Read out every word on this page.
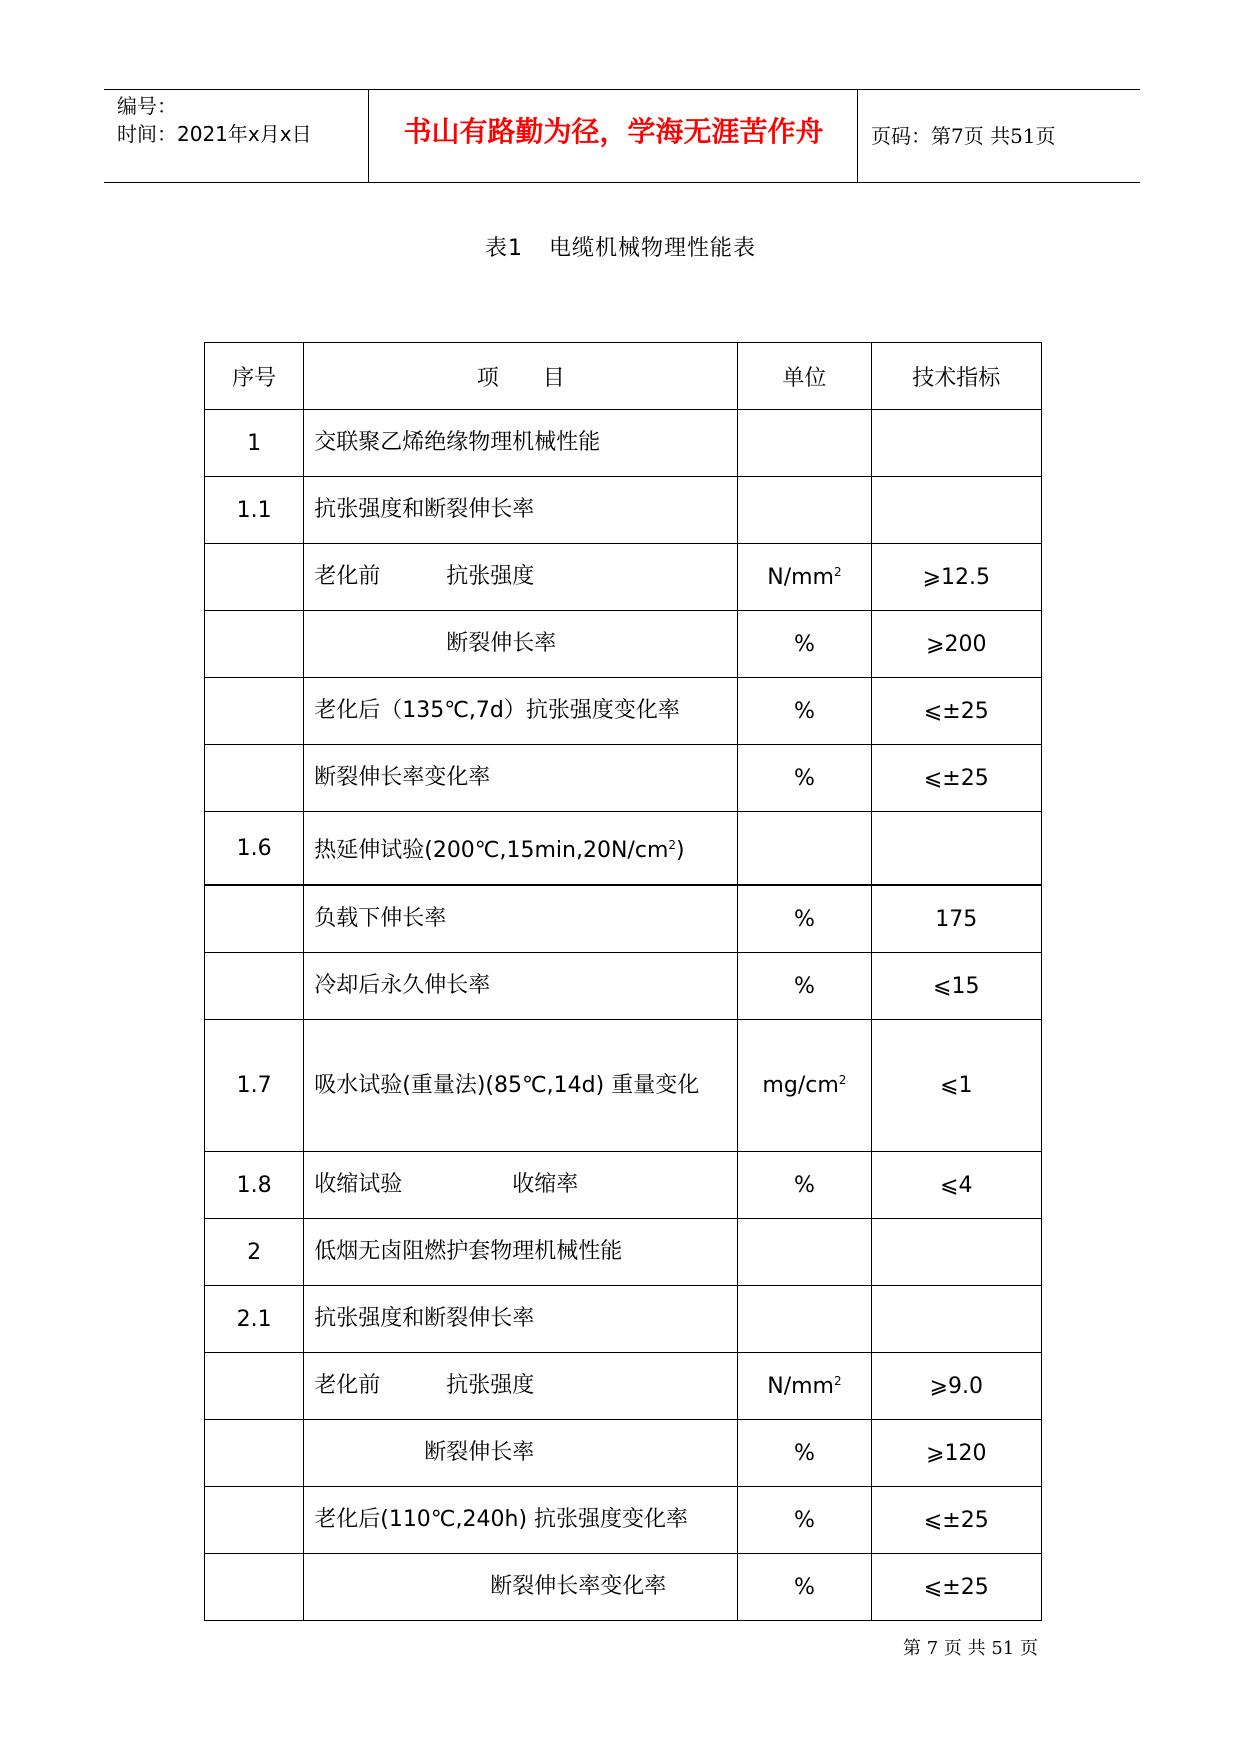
编号：
时间：2021年x月x日	书山有路勤为径，学海无涯苦作舟	页码：第7页 共51页
表1 电缆机械物理性能表
序号	项　　目	单位	技术指标
1	交联聚乙烯绝缘物理机械性能		

1.1	抗张强度和断裂伸长率		

	老化前　　　抗张强度	$N/mm^2$	⩾12.5

	　　　　　　断裂伸长率	%	⩾200

	老化后（135℃,7d）抗张强度变化率	%	⩽±25

	断裂伸长率变化率	%	⩽±25
1.6	热延伸试验$(200℃,15\min,20N/cm^2)$		

	负载下伸长率	%	175

	冷却后永久伸长率	%	⩽15
1.7	吸水试验(重量法)(85℃,14d) 重量变化	$mg/cm^2$	⩽1
1.8	收缩试验　　　　　收缩率	%	⩽4
2	低烟无卤阻燃护套物理机械性能		

2.1	抗张强度和断裂伸长率		

	老化前　　　抗张强度	$N/mm^2$	⩾9.0

	　　　　　断裂伸长率	%	⩾120

	老化后(110℃,240h) 抗张强度变化率	%	⩽±25

	　　　　　　　　断裂伸长率变化率	%	⩽±25
第 7 页 共 51 页
